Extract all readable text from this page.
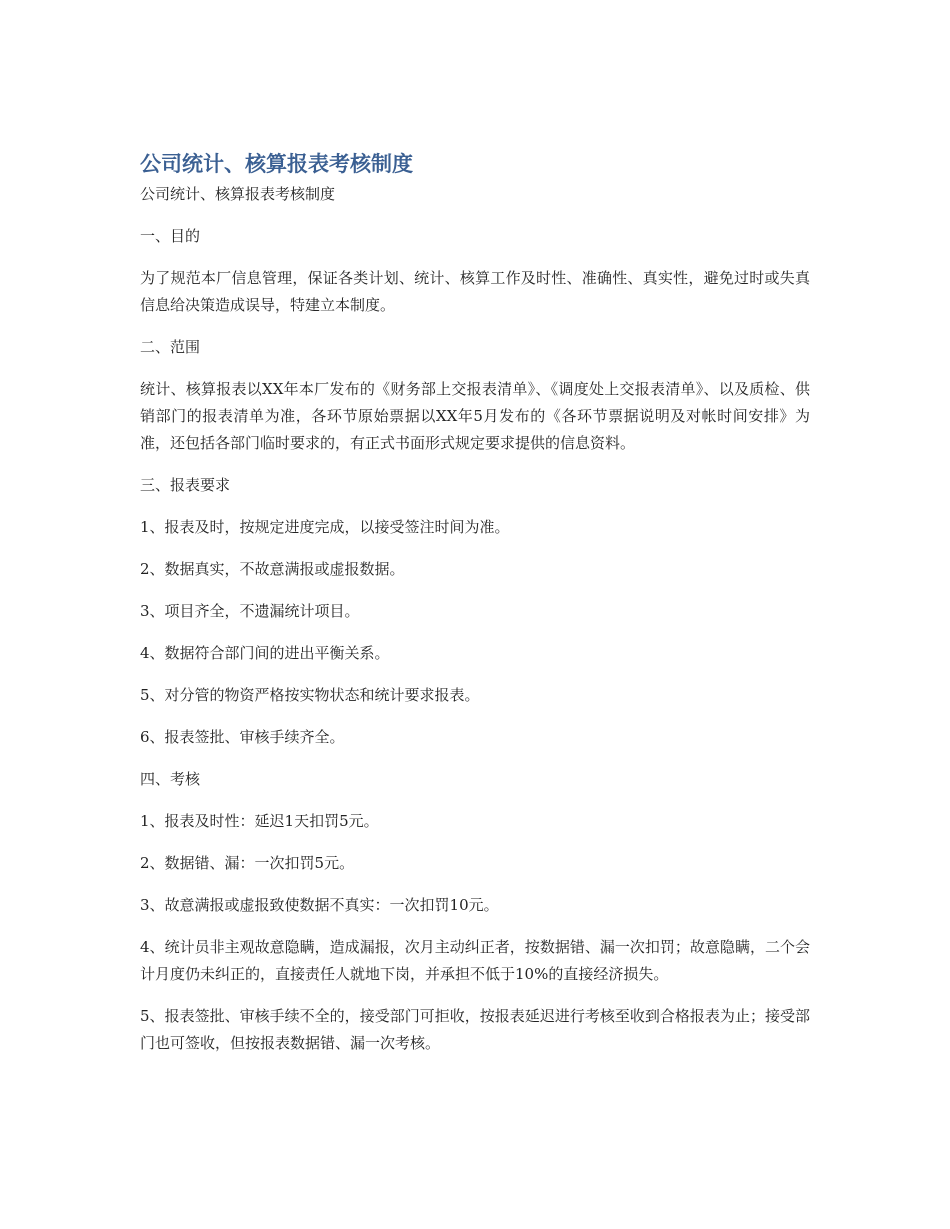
公司统计、核算报表考核制度
公司统计、核算报表考核制度

一、目的

为了规范本厂信息管理，保证各类计划、统计、核算工作及时性、准确性、真实性，避免过时或失真信息给决策造成误导，特建立本制度。

二、范围

统计、核算报表以XX年本厂发布的《财务部上交报表清单》、《调度处上交报表清单》、以及质检、供销部门的报表清单为准，各环节原始票据以XX年5月发布的《各环节票据说明及对帐时间安排》为准，还包括各部门临时要求的，有正式书面形式规定要求提供的信息资料。

三、报表要求

1、报表及时，按规定进度完成，以接受签注时间为准。

2、数据真实，不故意满报或虚报数据。

3、项目齐全，不遗漏统计项目。

4、数据符合部门间的进出平衡关系。

5、对分管的物资严格按实物状态和统计要求报表。

6、报表签批、审核手续齐全。

四、考核

1、报表及时性：延迟1天扣罚5元。

2、数据错、漏：一次扣罚5元。

3、故意满报或虚报致使数据不真实：一次扣罚10元。

4、统计员非主观故意隐瞒，造成漏报，次月主动纠正者，按数据错、漏一次扣罚；故意隐瞒，二个会计月度仍未纠正的，直接责任人就地下岗，并承担不低于10%的直接经济损失。

5、报表签批、审核手续不全的，接受部门可拒收，按报表延迟进行考核至收到合格报表为止；接受部门也可签收，但按报表数据错、漏一次考核。
